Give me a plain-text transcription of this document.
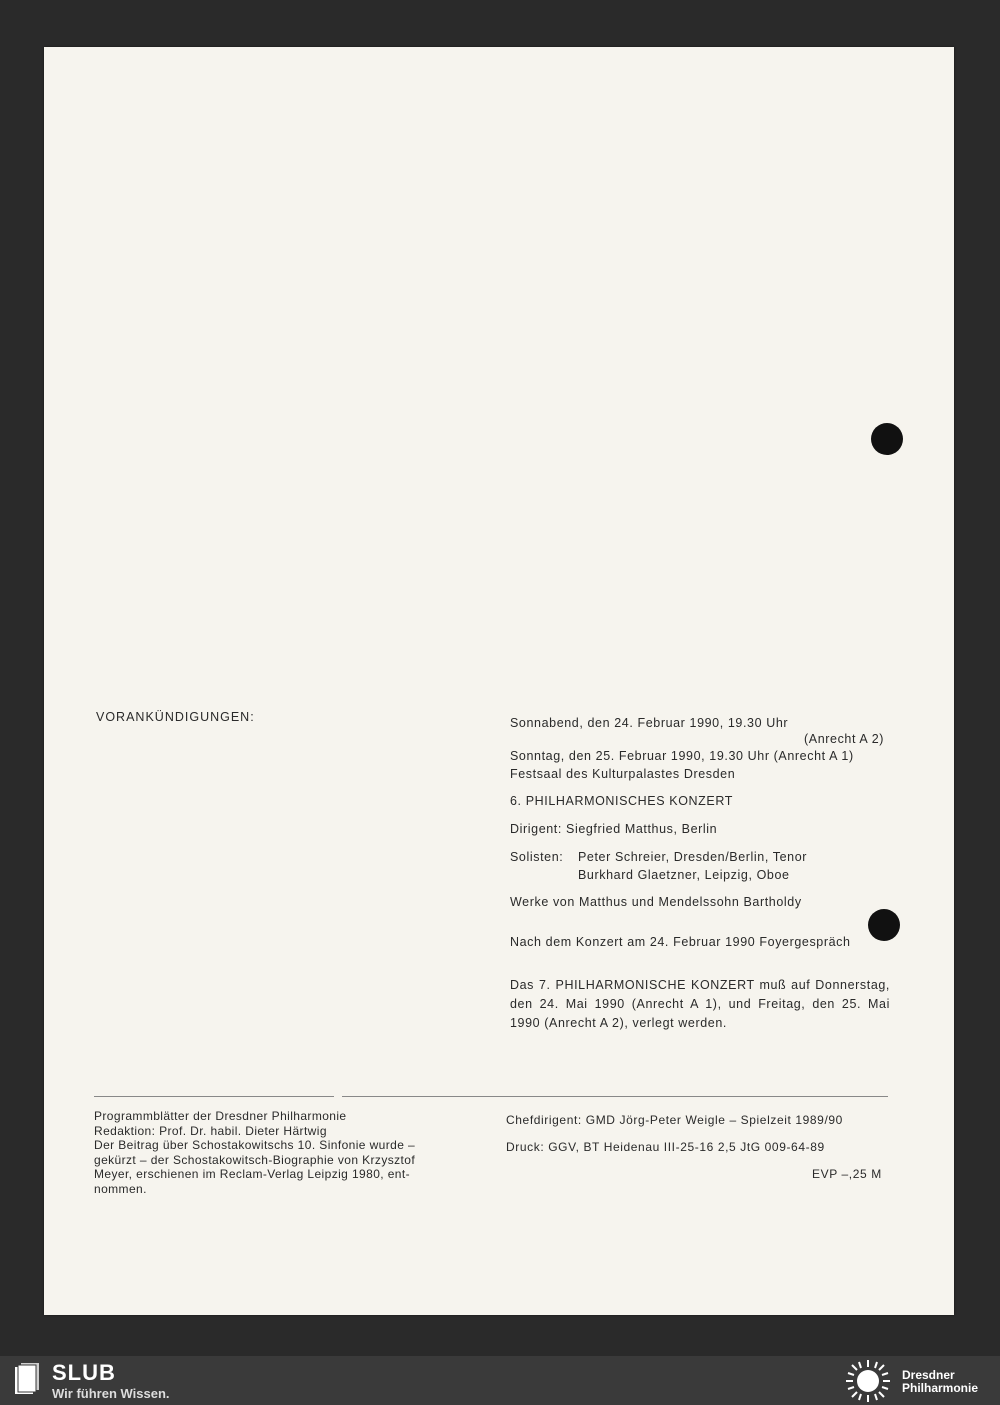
VORANKÜNDIGUNGEN:	Sonnabend, den 24. Februar 1990, 19.30 Uhr
(Anrecht A 2)
Sonntag, den 25. Februar 1990, 19.30 Uhr (Anrecht A 1)
Festsaal des Kulturpalastes Dresden
6. PHILHARMONISCHES KONZERT
Dirigent: Siegfried Matthus, Berlin
Solisten: Peter Schreier, Dresden/Berlin, Tenor
Burkhard Glaetzner, Leipzig, Oboe
Werke von Matthus und Mendelssohn Bartholdy
Nach dem Konzert am 24. Februar 1990 Foyergespräch
Das 7. PHILHARMONISCHE KONZERT muß auf Donnerstag, den 24. Mai 1990 (Anrecht A 1), und Freitag, den 25. Mai 1990 (Anrecht A 2), verlegt werden.
Programmblätter der Dresdner Philharmonie
Redaktion: Prof. Dr. habil. Dieter Härtwig
Der Beitrag über Schostakowitschs 10. Sinfonie wurde –
gekürzt – der Schostakowitsch-Biographie von Krzysztof
Meyer, erschienen im Reclam-Verlag Leipzig 1980, ent-
nommen.
Chefdirigent: GMD Jörg-Peter Weigle – Spielzeit 1989/90
Druck: GGV, BT Heidenau III-25-16 2,5 JtG 009-64-89
EVP –,25 M
SLUB
Wir führen Wissen.
Dresdner
Philharmonie
